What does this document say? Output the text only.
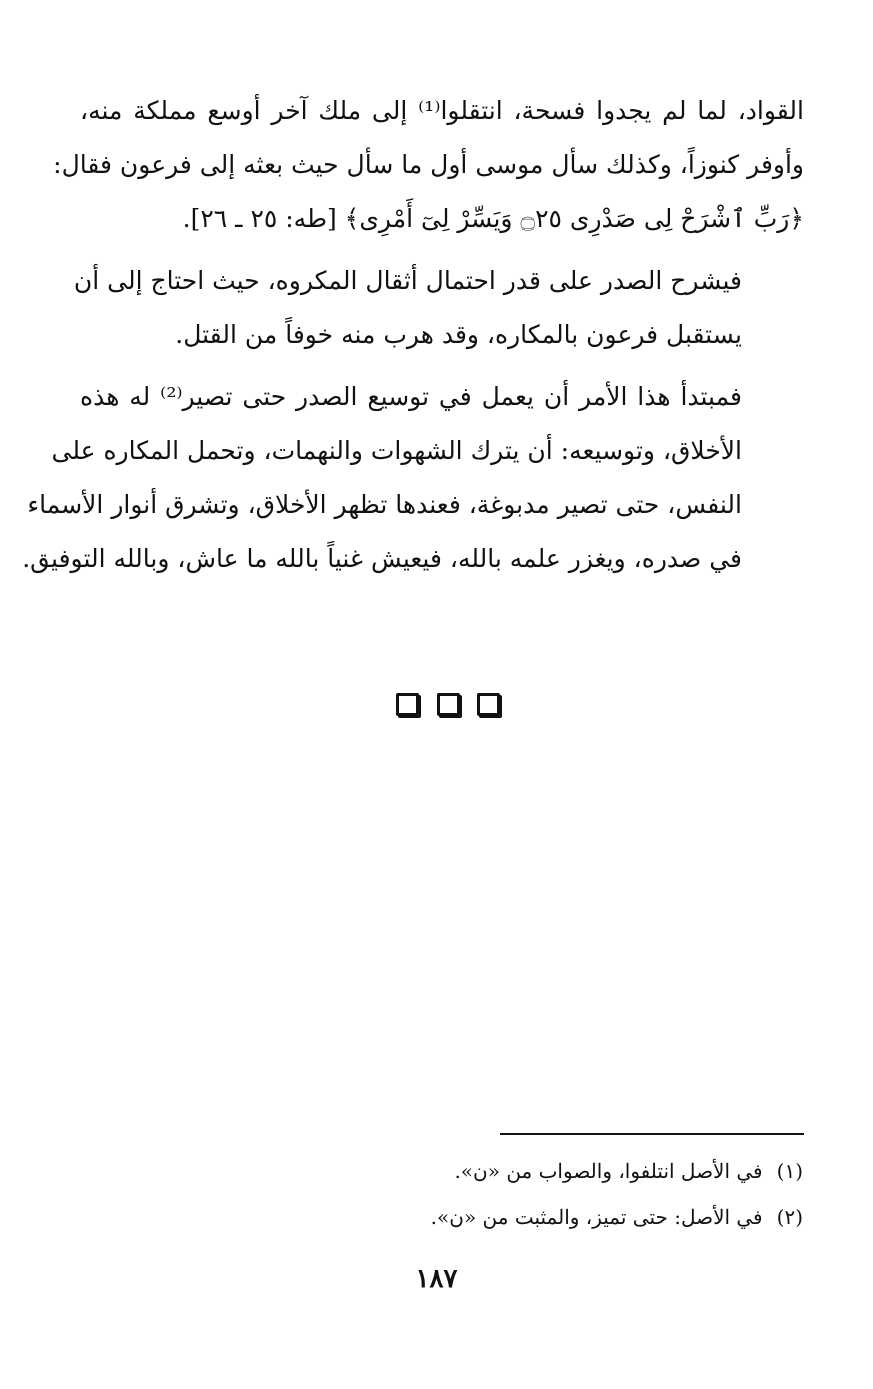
القواد، لما لم يجدوا فسحة، انتقلوا⁽¹⁾ إلى ملك آخر أوسع مملكة منه،
وأوفر كنوزاً، وكذلك سأل موسى أول ما سأل حيث بعثه إلى فرعون فقال:
﴿رَبِّ ٱشْرَحْ لِى صَدْرِى ۝٢٥ وَيَسِّرْ لِىٓ أَمْرِى﴾ [طه: ٢٥ ـ ٢٦].

فيشرح الصدر على قدر احتمال أثقال المكروه، حيث احتاج إلى أن
يستقبل فرعون بالمكاره، وقد هرب منه خوفاً من القتل.

فمبتدأ هذا الأمر أن يعمل في توسيع الصدر حتى تصير⁽²⁾ له هذه
الأخلاق، وتوسيعه: أن يترك الشهوات والنهمات، وتحمل المكاره على
النفس، حتى تصير مدبوغة، فعندها تظهر الأخلاق، وتشرق أنوار الأسماء
في صدره، ويغزر علمه بالله، فيعيش غنياً بالله ما عاش، وبالله التوفيق.

(١)في الأصل انتلفوا، والصواب من «ن».
(٢)في الأصل: حتى تميز، والمثبت من «ن».
١٨٧
